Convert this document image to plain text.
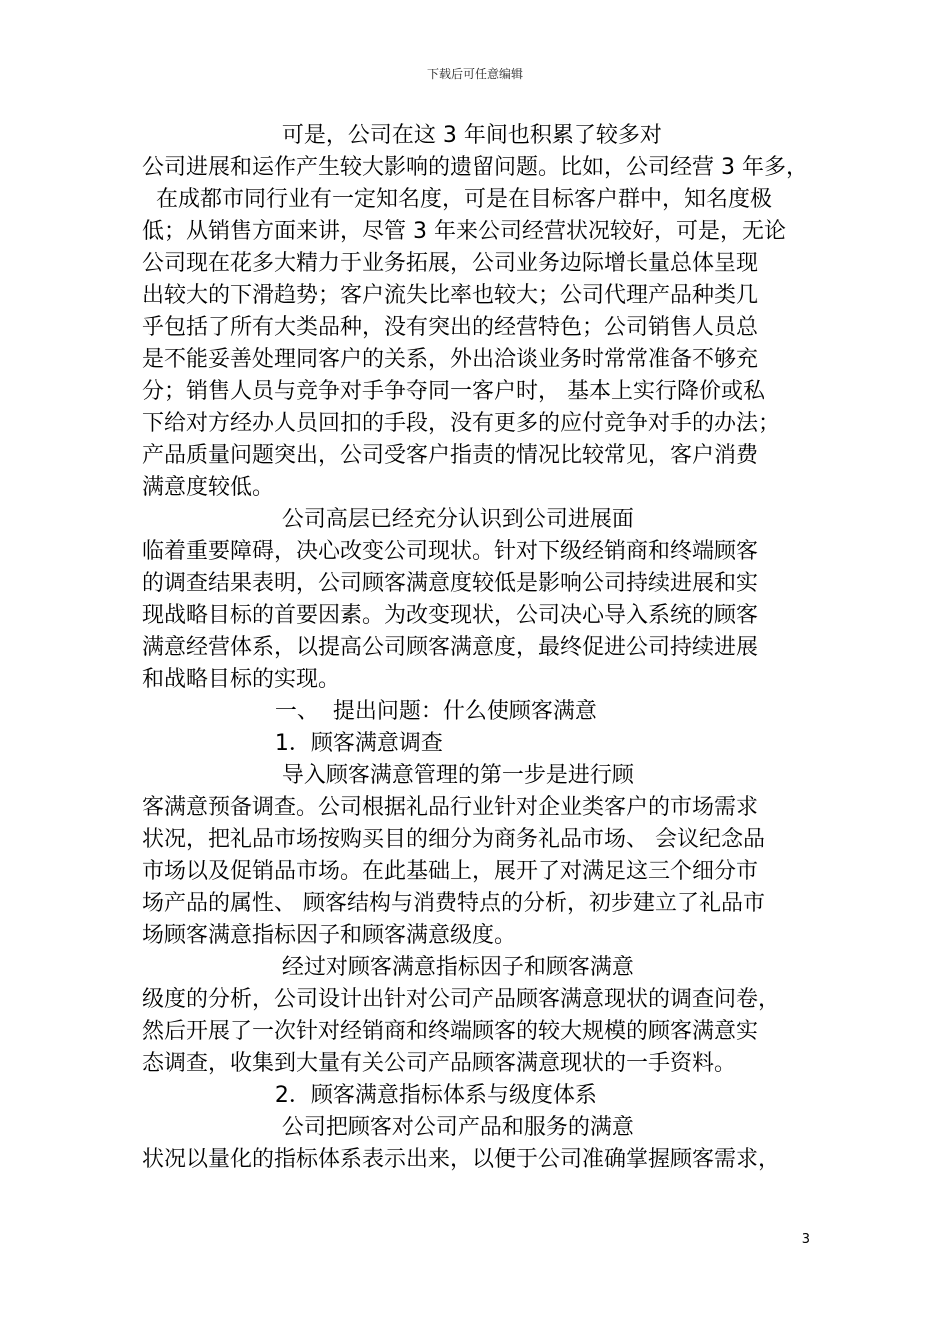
下载后可任意编辑
可是，公司在这 3 年间也积累了较多对
公司进展和运作产生较大影响的遗留问题。比如，公司经营 3 年多，
在成都市同行业有一定知名度，可是在目标客户群中，知名度极
低；从销售方面来讲，尽管 3 年来公司经营状况较好，可是，无论
公司现在花多大精力于业务拓展，公司业务边际增长量总体呈现
出较大的下滑趋势；客户流失比率也较大；公司代理产品种类几
乎包括了所有大类品种，没有突出的经营特色；公司销售人员总
是不能妥善处理同客户的关系，外出洽谈业务时常常准备不够充
分；销售人员与竞争对手争夺同一客户时， 基本上实行降价或私
下给对方经办人员回扣的手段，没有更多的应付竞争对手的办法；
产品质量问题突出，公司受客户指责的情况比较常见，客户消费
满意度较低。
公司高层已经充分认识到公司进展面
临着重要障碍，决心改变公司现状。针对下级经销商和终端顾客
的调查结果表明，公司顾客满意度较低是影响公司持续进展和实
现战略目标的首要因素。为改变现状，公司决心导入系统的顾客
满意经营体系，以提高公司顾客满意度，最终促进公司持续进展
和战略目标的实现。
一、  提出问题：什么使顾客满意
1．顾客满意调查
导入顾客满意管理的第一步是进行顾
客满意预备调查。公司根据礼品行业针对企业类客户的市场需求
状况，把礼品市场按购买目的细分为商务礼品市场、 会议纪念品
市场以及促销品市场。在此基础上，展开了对满足这三个细分市
场产品的属性、 顾客结构与消费特点的分析，初步建立了礼品市
场顾客满意指标因子和顾客满意级度。
经过对顾客满意指标因子和顾客满意
级度的分析，公司设计出针对公司产品顾客满意现状的调查问卷，
然后开展了一次针对经销商和终端顾客的较大规模的顾客满意实
态调查，收集到大量有关公司产品顾客满意现状的一手资料。
2．顾客满意指标体系与级度体系
公司把顾客对公司产品和服务的满意
状况以量化的指标体系表示出来，以便于公司准确掌握顾客需求，
3
